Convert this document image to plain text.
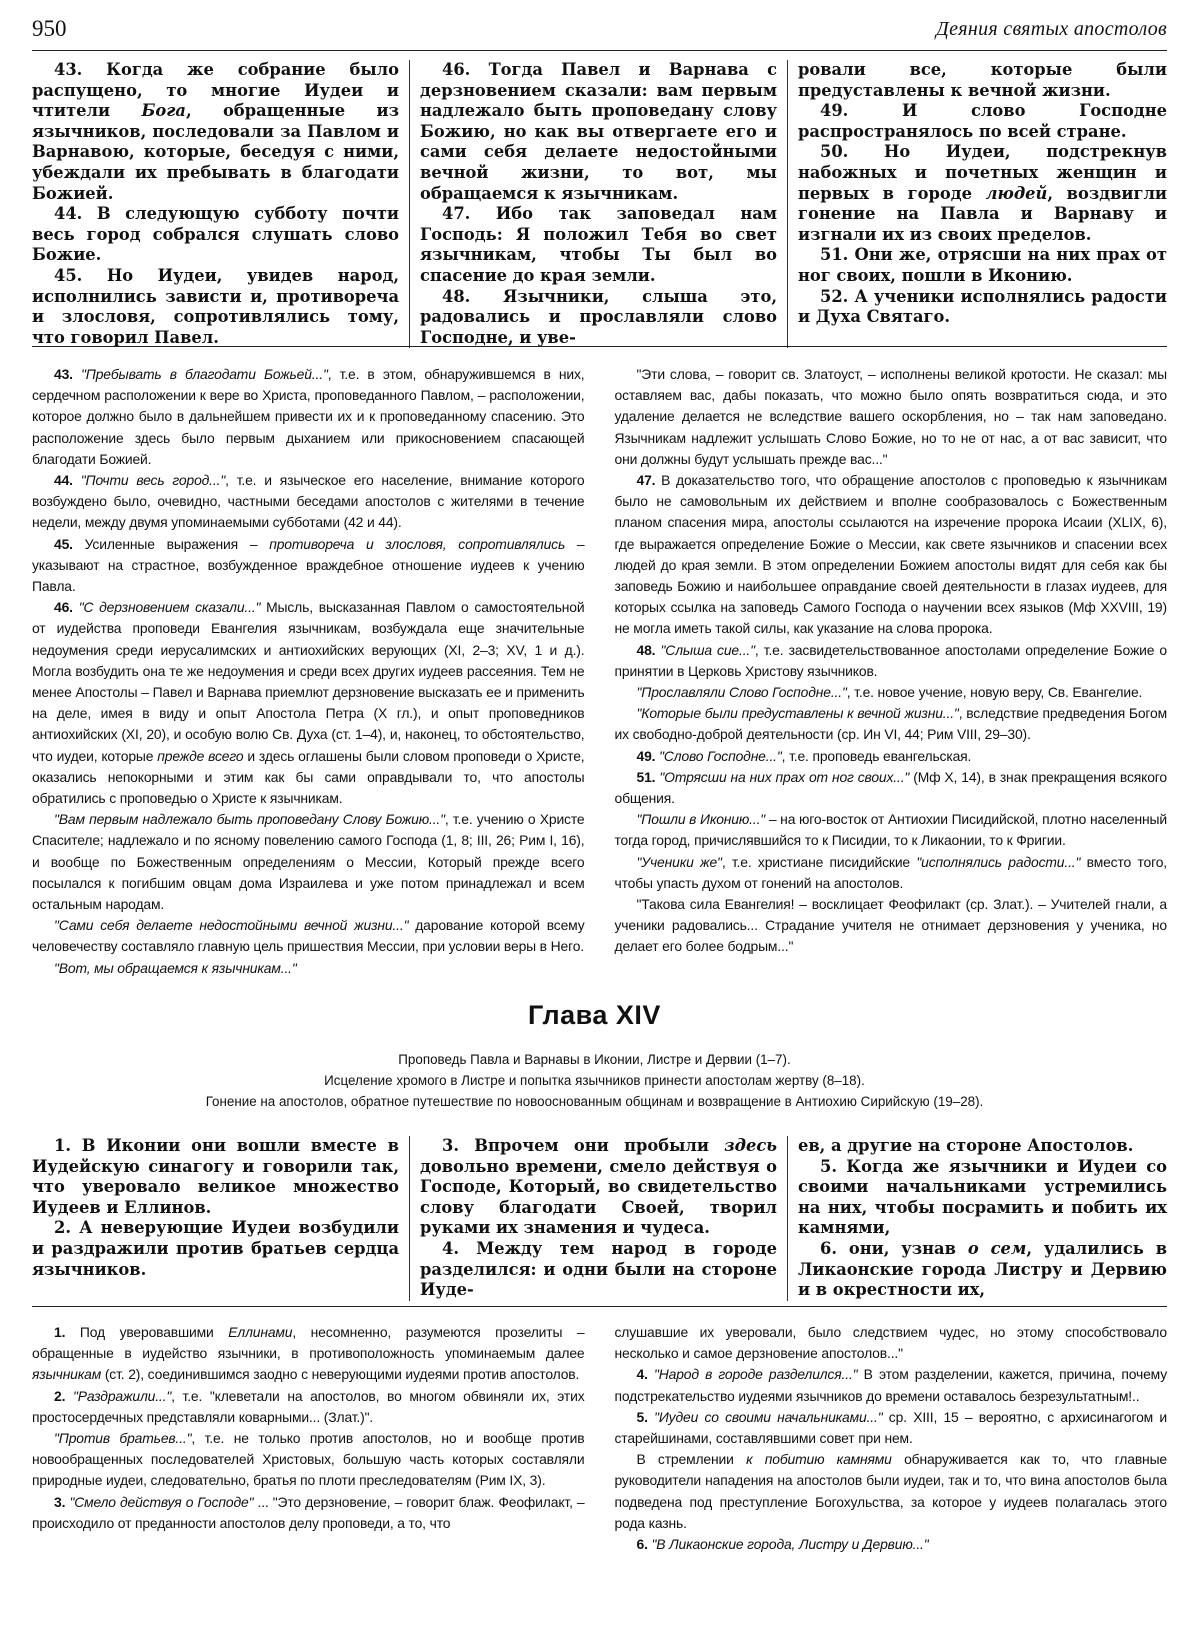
950	Деяния святых апостолов

43. Когда же собрание было распущено, то многие Иудеи и чтители Бога, обращенные из язычников, последовали за Павлом и Варнавою, которые, беседуя с ними, убеждали их пребывать в благодати Божией.

44. В следующую субботу почти весь город собрался слушать слово Божие.

45. Но Иудеи, увидев народ, исполнились зависти и, противореча и злословя, сопротивлялись тому, что говорил Павел.

46. Тогда Павел и Варнава с дерзновением сказали: вам первым надлежало быть проповедану слову Божию, но как вы отвергаете его и сами себя делаете недостойными вечной жизни, то вот, мы обращаемся к язычникам.

47. Ибо так заповедал нам Господь: Я положил Тебя во свет язычникам, чтобы Ты был во спасение до края земли.

48. Язычники, слыша это, радовались и прославляли слово Господне, и уве-

ровали все, которые были предуставлены к вечной жизни.

49. И слово Господне распространялось по всей стране.

50. Но Иудеи, подстрекнув набожных и почетных женщин и первых в городе людей, воздвигли гонение на Павла и Варнаву и изгнали их из своих пределов.

51. Они же, отрясши на них прах от ног своих, пошли в Иконию.

52. А ученики исполнялись радости и Духа Святаго.

43. "Пребывать в благодати Божьей...", т.е. в этом, обнаружившемся в них, сердечном расположении к вере во Христа, проповеданного Павлом, – расположении, которое должно было в дальнейшем привести их и к проповеданному спасению. Это расположение здесь было первым дыханием или прикосновением спасающей благодати Божией.

44. "Почти весь город...", т.е. и языческое его население, внимание которого возбуждено было, очевидно, частными беседами апостолов с жителями в течение недели, между двумя упоминаемыми субботами (42 и 44).

45. Усиленные выражения – противореча и злословя, сопротивлялись – указывают на страстное, возбужденное враждебное отношение иудеев к учению Павла.

46. "С дерзновением сказали..." Мысль, высказанная Павлом о самостоятельной от иудейства проповеди Евангелия язычникам, возбуждала еще значительные недоумения среди иерусалимских и антиохийских верующих (XI, 2–3; XV, 1 и д.). Могла возбудить она те же недоумения и среди всех других иудеев рассеяния. Тем не менее Апостолы – Павел и Варнава приемлют дерзновение высказать ее и применить на деле, имея в виду и опыт Апостола Петра (X гл.), и опыт проповедников антиохийских (XI, 20), и особую волю Св. Духа (ст. 1–4), и, наконец, то обстоятельство, что иудеи, которые прежде всего и здесь оглашены были словом проповеди о Христе, оказались непокорными и этим как бы сами оправдывали то, что апостолы обратились с проповедью о Христе к язычникам.

"Вам первым надлежало быть проповедану Слову Божию...", т.е. учению о Христе Спасителе; надлежало и по ясному повелению самого Господа (1, 8; III, 26; Рим I, 16), и вообще по Божественным определениям о Мессии, Который прежде всего посылался к погибшим овцам дома Израилева и уже потом принадлежал и всем остальным народам.

"Сами себя делаете недостойными вечной жизни..." дарование которой всему человечеству составляло главную цель пришествия Мессии, при условии веры в Него.

"Вот, мы обращаемся к язычникам..."

"Эти слова, – говорит св. Златоуст, – исполнены великой кротости. Не сказал: мы оставляем вас, дабы показать, что можно было опять возвратиться сюда, и это удаление делается не вследствие вашего оскорбления, но – так нам заповедано. Язычникам надлежит услышать Слово Божие, но то не от нас, а от вас зависит, что они должны будут услышать прежде вас..."

47. В доказательство того, что обращение апостолов с проповедью к язычникам было не самовольным их действием и вполне сообразовалось с Божественным планом спасения мира, апостолы ссылаются на изречение пророка Исаии (XLIX, 6), где выражается определение Божие о Мессии, как свете язычников и спасении всех людей до края земли. В этом определении Божием апостолы видят для себя как бы заповедь Божию и наибольшее оправдание своей деятельности в глазах иудеев, для которых ссылка на заповедь Самого Господа о научении всех языков (Мф XXVIII, 19) не могла иметь такой силы, как указание на слова пророка.

48. "Слыша сие...", т.е. засвидетельствованное апостолами определение Божие о принятии в Церковь Христову язычников.

"Прославляли Слово Господне...", т.е. новое учение, новую веру, Св. Евангелие.

"Которые были предуставлены к вечной жизни...", вследствие предведения Богом их свободно-доброй деятельности (ср. Ин VI, 44; Рим VIII, 29–30).

49. "Слово Господне...", т.е. проповедь евангельская.

51. "Отрясши на них прах от ног своих..." (Мф X, 14), в знак прекращения всякого общения.

"Пошли в Иконию..." – на юго-восток от Антиохии Писидийской, плотно населенный тогда город, причислявшийся то к Писидии, то к Ликаонии, то к Фригии.

"Ученики же", т.е. христиане писидийские "исполнялись радости..." вместо того, чтобы упасть духом от гонений на апостолов.

"Такова сила Евангелия! – восклицает Феофилакт (ср. Злат.). – Учителей гнали, а ученики радовались... Страдание учителя не отнимает дерзновения у ученика, но делает его более бодрым..."

Глава XIV
Проповедь Павла и Варнавы в Иконии, Листре и Дервии (1–7).
Исцеление хромого в Листре и попытка язычников принести апостолам жертву (8–18).
Гонение на апостолов, обратное путешествие по новооснованным общинам и возвращение в Антиохию Сирийскую (19–28).

1. В Иконии они вошли вместе в Иудейскую синагогу и говорили так, что уверовало великое множество Иудеев и Еллинов.

2. А неверующие Иудеи возбудили и раздражили против братьев сердца язычников.

3. Впрочем они пробыли здесь довольно времени, смело действуя о Господе, Который, во свидетельство слову благодати Своей, творил руками их знамения и чудеса.

4. Между тем народ в городе разделился: и одни были на стороне Иуде-

ев, а другие на стороне Апостолов.

5. Когда же язычники и Иудеи со своими начальниками устремились на них, чтобы посрамить и побить их камнями,

6. они, узнав о сем, удалились в Ликаонские города Листру и Дервию и в окрестности их,

1. Под уверовавшими Еллинами, несомненно, разумеются прозелиты – обращенные в иудейство язычники, в противоположность упоминаемым далее язычникам (ст. 2), соединившимся заодно с неверующими иудеями против апостолов.

2. "Раздражили...", т.е. "клеветали на апостолов, во многом обвиняли их, этих простосердечных представляли коварными... (Злат.)".

"Против братьев...", т.е. не только против апостолов, но и вообще против новообращенных последователей Христовых, большую часть которых составляли природные иудеи, следовательно, братья по плоти преследователям (Рим IX, 3).

3. "Смело действуя о Господе" ... "Это дерзновение, – говорит блаж. Феофилакт, – происходило от преданности апостолов делу проповеди, а то, что

слушавшие их уверовали, было следствием чудес, но этому способствовало несколько и самое дерзновение апостолов..."

4. "Народ в городе разделился..." В этом разделении, кажется, причина, почему подстрекательство иудеями язычников до времени оставалось безрезультатным!..

5. "Иудеи со своими начальниками..." ср. XIII, 15 – вероятно, с архисинагогом и старейшинами, составлявшими совет при нем.

В стремлении к побитию камнями обнаруживается как то, что главные руководители нападения на апостолов были иудеи, так и то, что вина апостолов была подведена под преступление Богохульства, за которое у иудеев полагалась этого рода казнь.

6. "В Ликаонские города, Листру и Дервию..."
